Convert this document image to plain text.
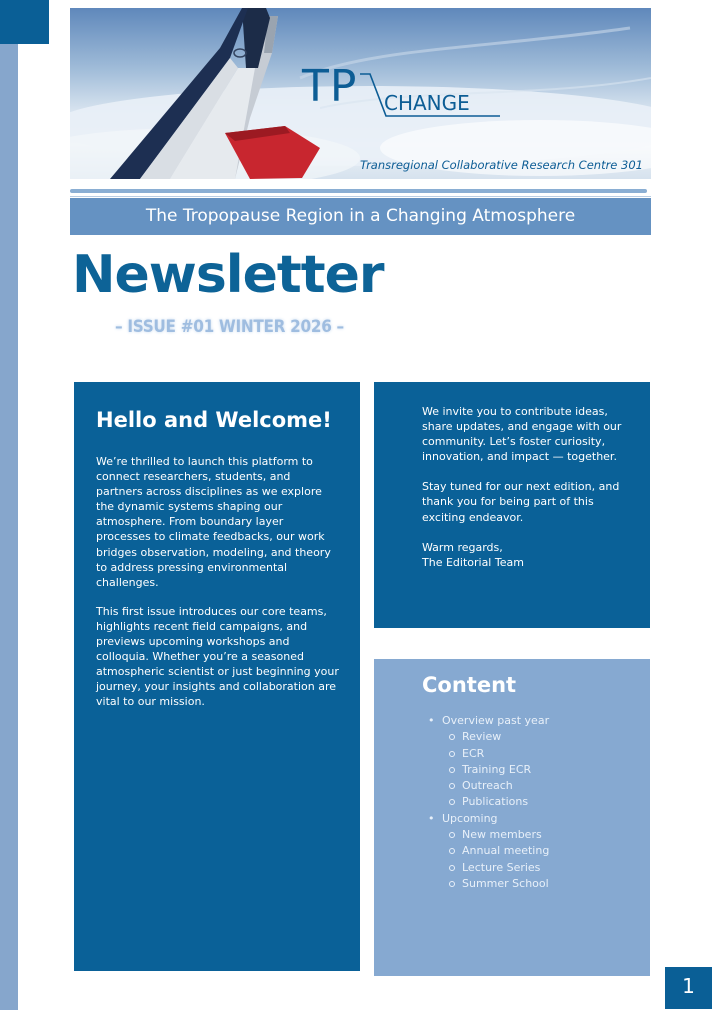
TP CHANGE
Transregional Collaborative Research Centre 301
The Tropopause Region in a Changing Atmosphere
Newsletter
– ISSUE #01 WINTER 2026 –
Hello and Welcome!

We’re thrilled to launch this platform to connect researchers, students, and partners across disciplines as we explore the dynamic systems shaping our atmosphere. From boundary layer processes to climate feedbacks, our work bridges observation, modeling, and theory to address pressing environmental challenges.

This first issue introduces our core teams, highlights recent field campaigns, and previews upcoming workshops and colloquia. Whether you’re a seasoned atmospheric scientist or just beginning your journey, your insights and collaboration are vital to our mission.

We invite you to contribute ideas, share updates, and engage with our community. Let’s foster curiosity, innovation, and impact — together.

Stay tuned for our next edition, and thank you for being part of this exciting endeavor.

Warm regards,
The Editorial Team

Content
• Overview past year
Review
ECR
Training ECR
Outreach
Publications
• Upcoming
New members
Annual meeting
Lecture Series
Summer School
1
